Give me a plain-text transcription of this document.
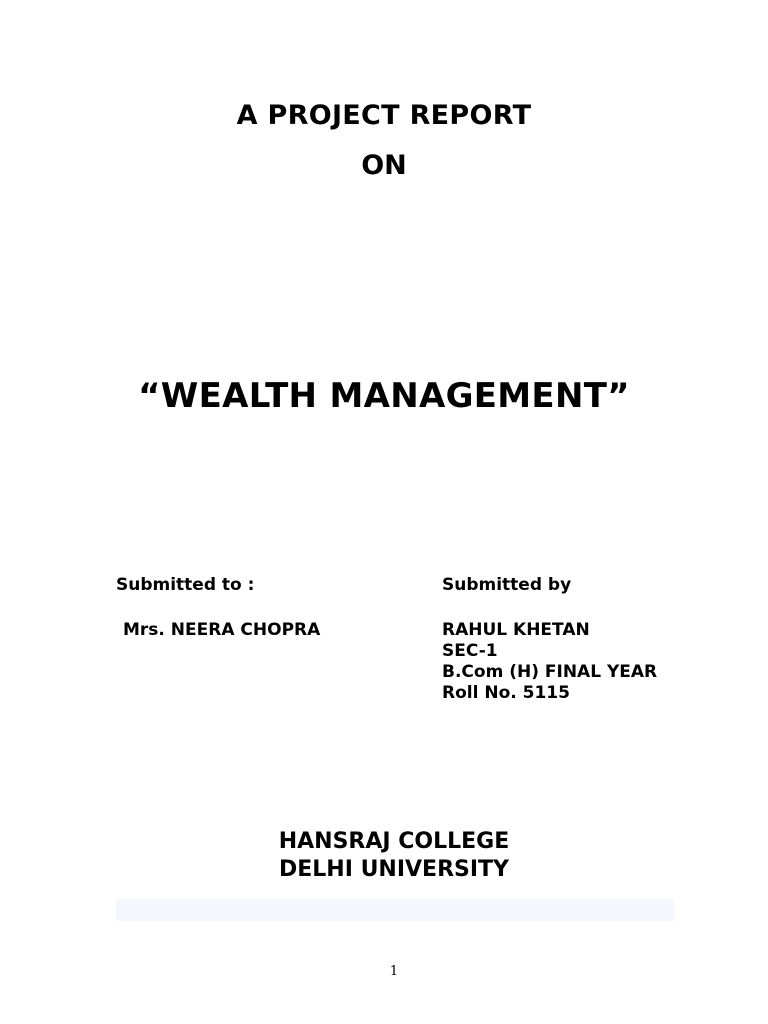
A PROJECT REPORT
ON
“WEALTH MANAGEMENT”
Submitted to :	Submitted by
Mrs. NEERA CHOPRA	RAHUL KHETAN
SEC-1
B.Com (H) FINAL YEAR
Roll No. 5115
HANSRAJ COLLEGE
DELHI UNIVERSITY
1
